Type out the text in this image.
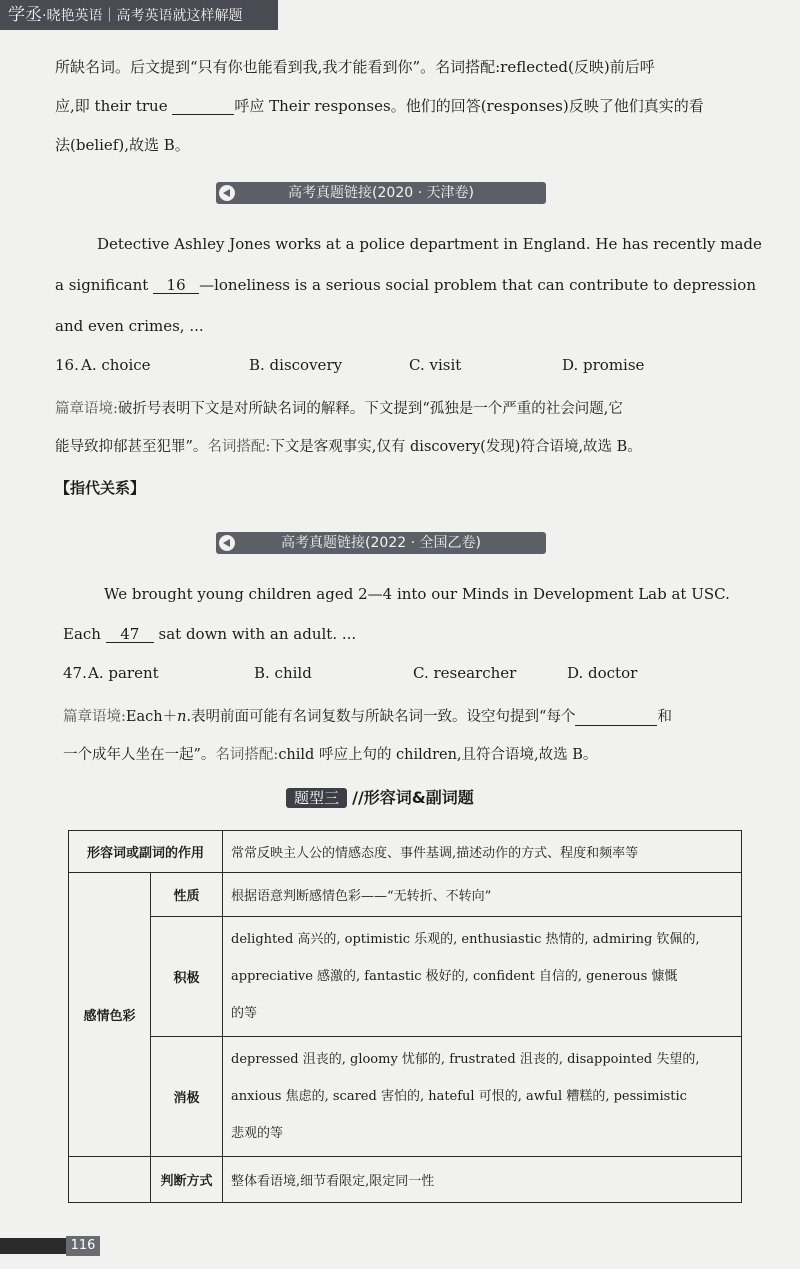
学丞·晓艳英语｜高考英语就这样解题
所缺名词。后文提到“只有你也能看到我,我才能看到你”。名词搭配:reflected(反映)前后呼
应,即 their true	呼应 Their responses。他们的回答(responses)反映了他们真实的看
法(belief),故选 B。
高考真题链接(2020 · 天津卷)
Detective Ashley Jones works at a police department in England. He has recently made
a significant 16 —loneliness is a serious social problem that can contribute to depression
and even crimes, ...
16. A. choice	B. discovery	C. visit	D. promise
篇章语境:破折号表明下文是对所缺名词的解释。下文提到“孤独是一个严重的社会问题,它
能导致抑郁甚至犯罪”。名词搭配:下文是客观事实,仅有 discovery(发现)符合语境,故选 B。
【指代关系】
高考真题链接(2022 · 全国乙卷)
We brought young children aged 2—4 into our Minds in Development Lab at USC.
Each 47 sat down with an adult. ...
47. A. parent	B. child	C. researcher	D. doctor
篇章语境:Each＋n.表明前面可能有名词复数与所缺名词一致。设空句提到“每个	和
一个成年人坐在一起”。名词搭配:child 呼应上句的 children,且符合语境,故选 B。
题型三 //形容词&副词题
形容词或副词的作用		常常反映主人公的情感态度、事件基调,描述动作的方式、程度和频率等
感情色彩	性质	根据语意判断感情色彩——“无转折、不转向”
	积极	delighted 高兴的, optimistic 乐观的, enthusiastic 热情的, admiring 钦佩的,
appreciative 感激的, fantastic 极好的, confident 自信的, generous 慷慨
的等

	消极	depressed 沮丧的, gloomy 忧郁的, frustrated 沮丧的, disappointed 失望的,
anxious 焦虑的, scared 害怕的, hateful 可恨的, awful 糟糕的, pessimistic
悲观的等

	判断方式	整体看语境,细节看限定,限定同一性
116
